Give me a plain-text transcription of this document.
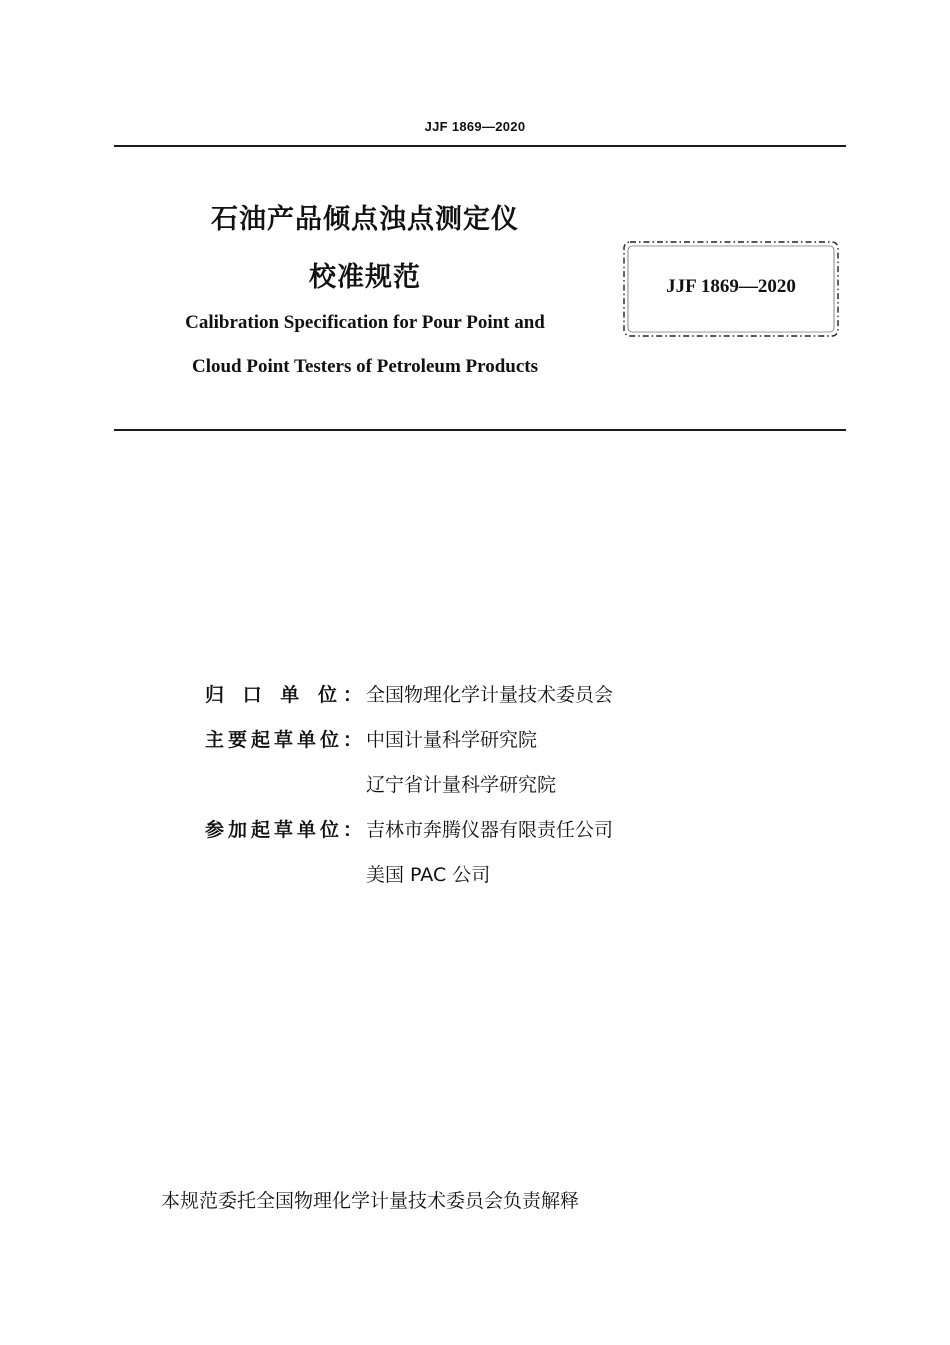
JJF 1869—2020
石油产品倾点浊点测定仪
校准规范
Calibration Specification for Pour Point and
Cloud Point Testers of Petroleum Products
JJF 1869—2020
归 口 单 位： 全国物理化学计量技术委员会
主要起草单位： 中国计量科学研究院
辽宁省计量科学研究院
参加起草单位： 吉林市奔腾仪器有限责任公司
美国 PAC 公司
本规范委托全国物理化学计量技术委员会负责解释
